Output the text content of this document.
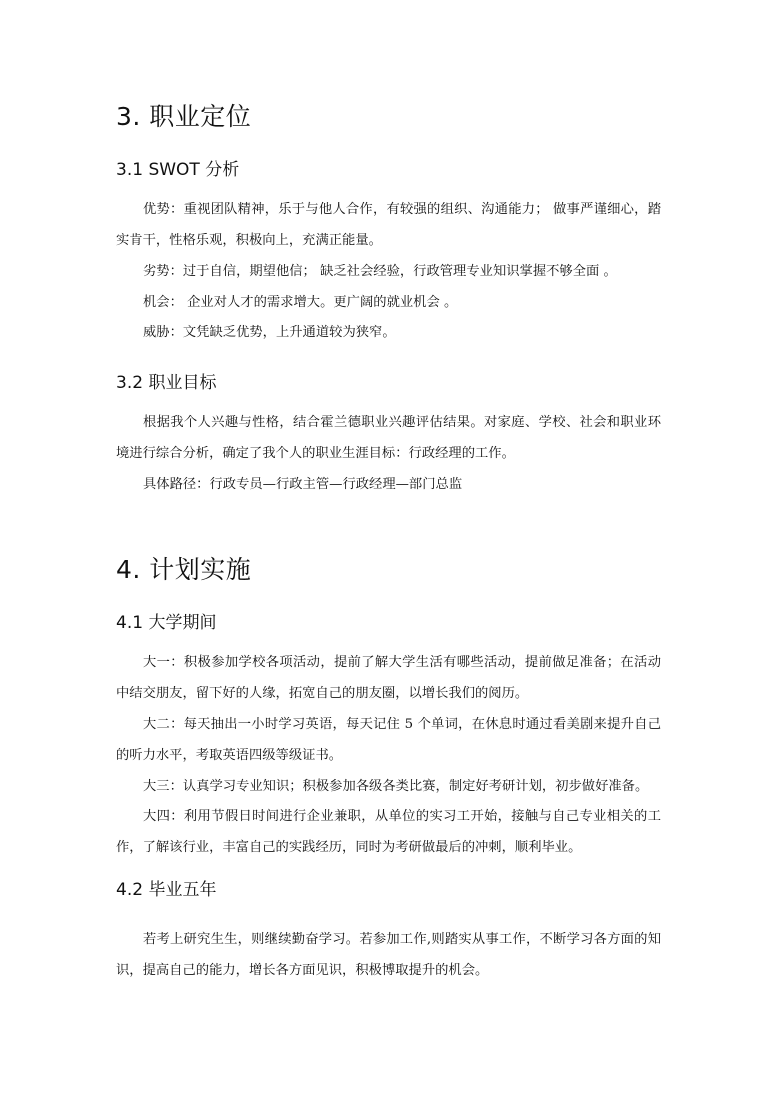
3. 职业定位
3.1 SWOT 分析

优势：重视团队精神，乐于与他人合作，有较强的组织、沟通能力； 做事严谨细心，踏实肯干，性格乐观，积极向上，充满正能量。

劣势：过于自信，期望他信； 缺乏社会经验，行政管理专业知识掌握不够全面 。

机会： 企业对人才的需求增大。更广阔的就业机会 。

威胁：文凭缺乏优势，上升通道较为狭窄。

3.2 职业目标

根据我个人兴趣与性格，结合霍兰德职业兴趣评估结果。对家庭、学校、社会和职业环境进行综合分析，确定了我个人的职业生涯目标：行政经理的工作。

具体路径：行政专员—行政主管—行政经理—部门总监

4. 计划实施
4.1 大学期间

大一：积极参加学校各项活动，提前了解大学生活有哪些活动，提前做足准备；在活动中结交朋友，留下好的人缘，拓宽自己的朋友圈，以增长我们的阅历。

大二：每天抽出一小时学习英语，每天记住 5 个单词，在休息时通过看美剧来提升自己的听力水平，考取英语四级等级证书。

大三：认真学习专业知识；积极参加各级各类比赛，制定好考研计划，初步做好准备。

大四：利用节假日时间进行企业兼职，从单位的实习工开始，接触与自己专业相关的工作，了解该行业，丰富自己的实践经历，同时为考研做最后的冲刺，顺利毕业。

4.2 毕业五年

若考上研究生生，则继续勤奋学习。若参加工作,则踏实从事工作，不断学习各方面的知识，提高自己的能力，增长各方面见识，积极博取提升的机会。
